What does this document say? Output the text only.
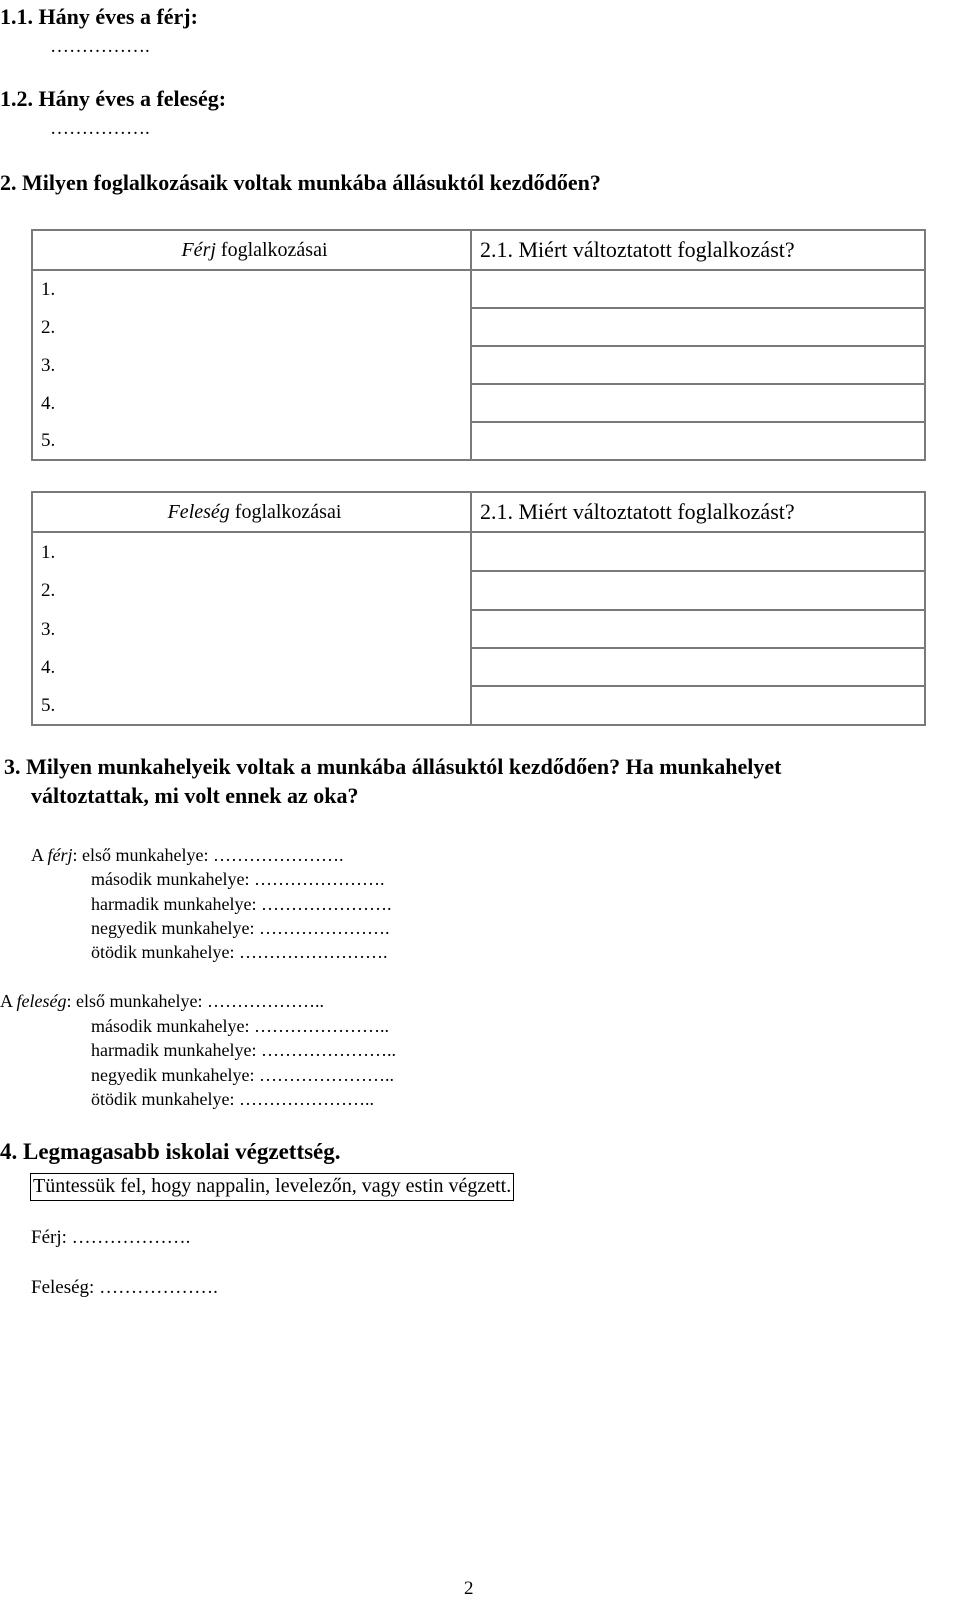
1.1. Hány éves a férj:
…………….
1.2. Hány éves a feleség:
…………….
2. Milyen foglalkozásaik voltak munkába állásuktól kezdődően?
Férj foglalkozásai	2.1. Miért változtatott foglalkozást?
1.	
2.	
3.	
4.	
5.	
Feleség foglalkozásai	2.1. Miért változtatott foglalkozást?
1.	
2.	
3.	
4.	
5.	
3. Milyen munkahelyeik voltak a munkába állásuktól kezdődően? Ha munkahelyet
változtattak, mi volt ennek az oka?
A férj: első munkahelye: ………………….
második munkahelye: ………………….
harmadik munkahelye: ………………….
negyedik munkahelye: ………………….
ötödik munkahelye: …………………….
A feleség: első munkahelye: ………………..
második munkahelye: …………………..
harmadik munkahelye: …………………..
negyedik munkahelye: …………………..
ötödik munkahelye: …………………..
4. Legmagasabb iskolai végzettség.
Tüntessük fel, hogy nappalin, levelezőn, vagy estin végzett.
Férj: ……………….
Feleség: ……………….
2
